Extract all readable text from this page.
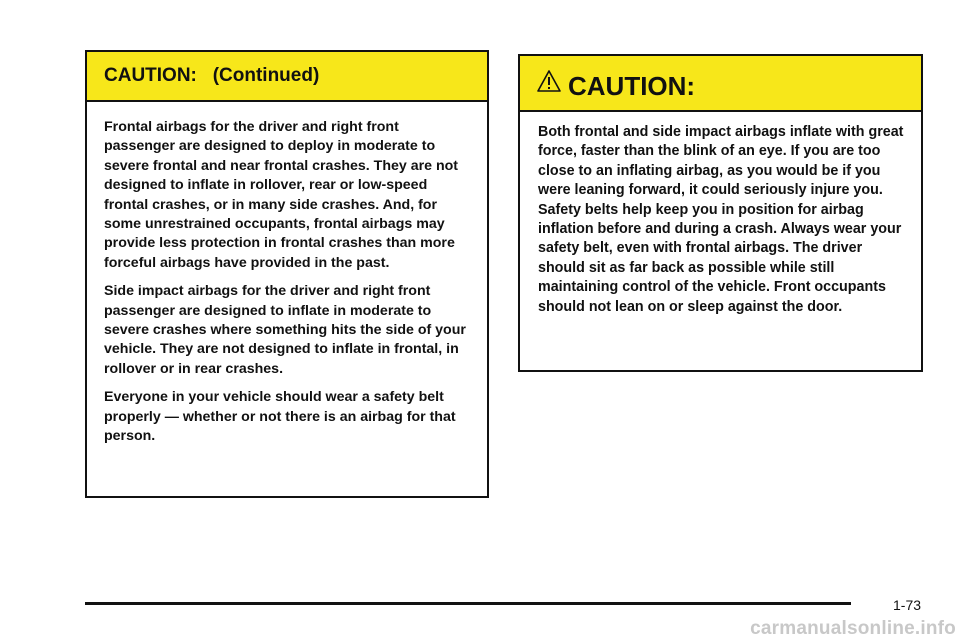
CAUTION:   (Continued)

Frontal airbags for the driver and right front passenger are designed to deploy in moderate to severe frontal and near frontal crashes. They are not designed to inflate in rollover, rear or low-speed frontal crashes, or in many side crashes. And, for some unrestrained occupants, frontal airbags may provide less protection in frontal crashes than more forceful airbags have provided in the past.

Side impact airbags for the driver and right front passenger are designed to inflate in moderate to severe crashes where something hits the side of your vehicle. They are not designed to inflate in frontal, in rollover or in rear crashes.

Everyone in your vehicle should wear a safety belt properly — whether or not there is an airbag for that person.

CAUTION:

Both frontal and side impact airbags inflate with great force, faster than the blink of an eye. If you are too close to an inflating airbag, as you would be if you were leaning forward, it could seriously injure you. Safety belts help keep you in position for airbag inflation before and during a crash. Always wear your safety belt, even with frontal airbags. The driver should sit as far back as possible while still maintaining control of the vehicle. Front occupants should not lean on or sleep against the door.

1-73
carmanualsonline.info
